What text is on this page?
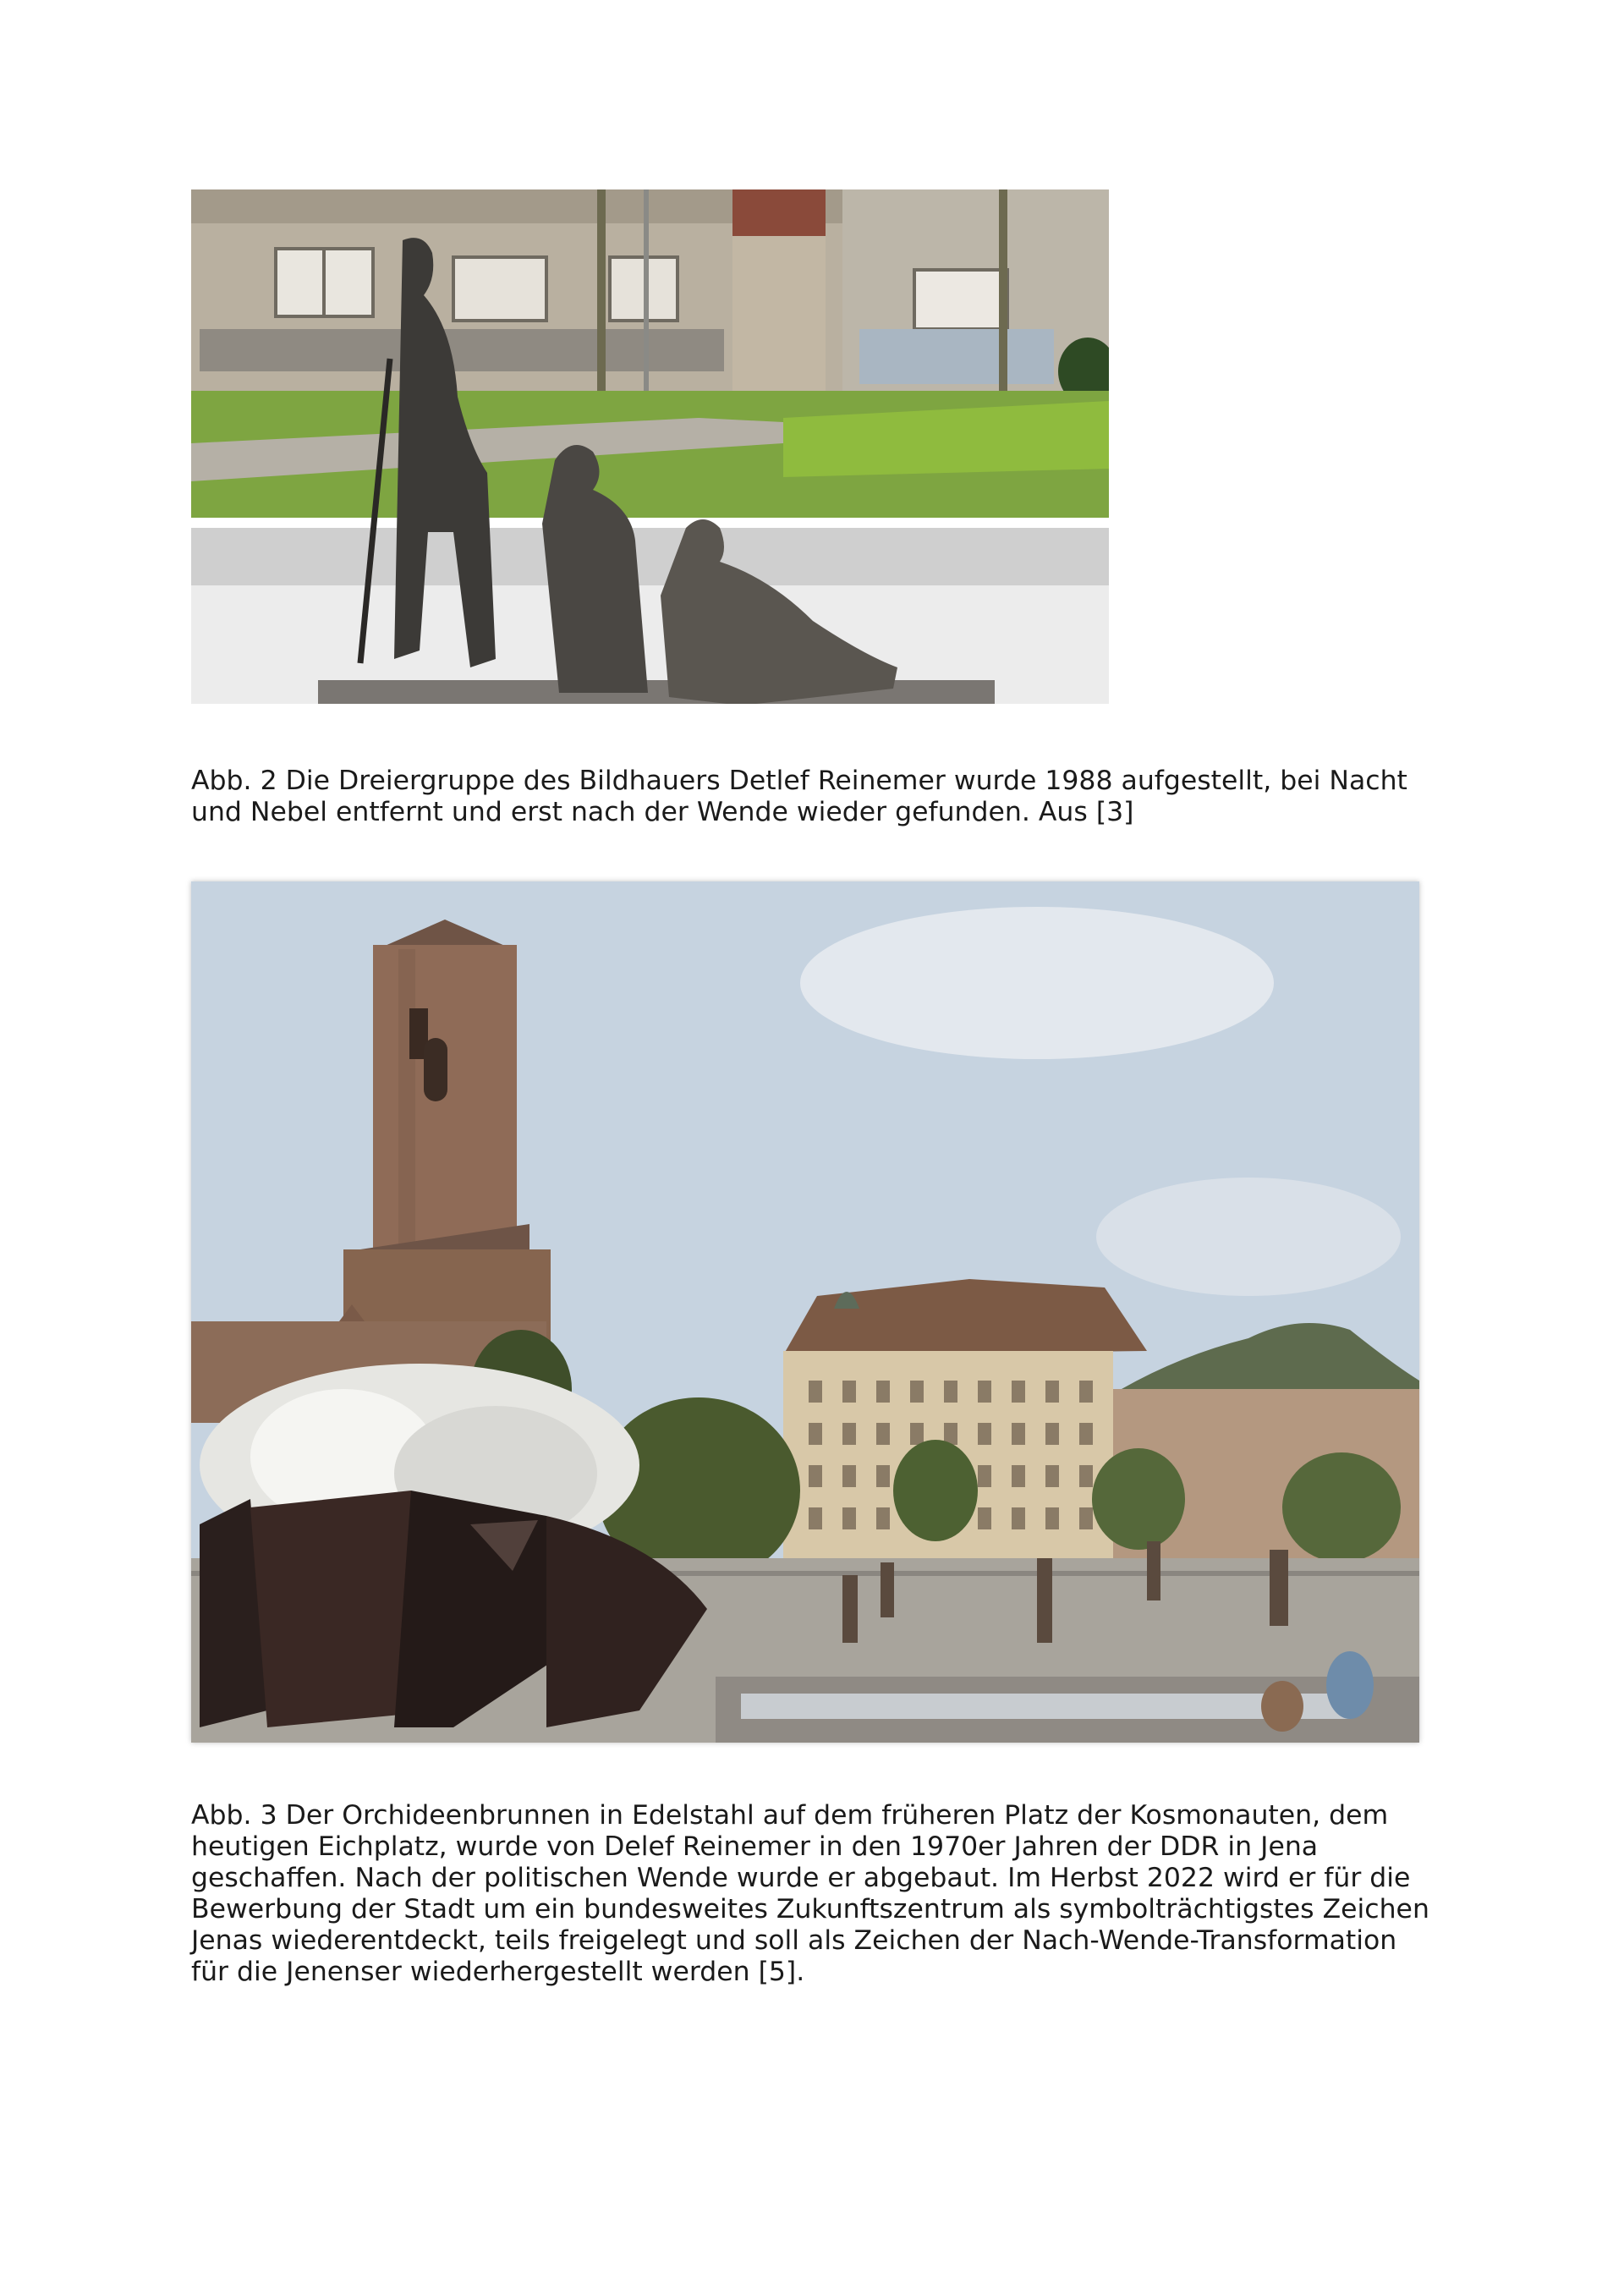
Abb. 2 Die Dreiergruppe des Bildhauers Detlef Reinemer wurde 1988 aufgestellt, bei Nacht
und Nebel entfernt und erst nach der Wende wieder gefunden. Aus [3]

Abb. 3 Der Orchideenbrunnen in Edelstahl auf dem früheren Platz der Kosmonauten, dem
heutigen Eichplatz, wurde von Delef Reinemer in den 1970er Jahren der DDR in Jena
geschaffen. Nach der politischen Wende wurde er abgebaut. Im Herbst 2022 wird er für die
Bewerbung der Stadt um ein bundesweites Zukunftszentrum als symbolträchtigstes Zeichen
Jenas wiederentdeckt, teils freigelegt und soll als Zeichen der Nach-Wende-Transformation
für die Jenenser wiederhergestellt werden [5].
